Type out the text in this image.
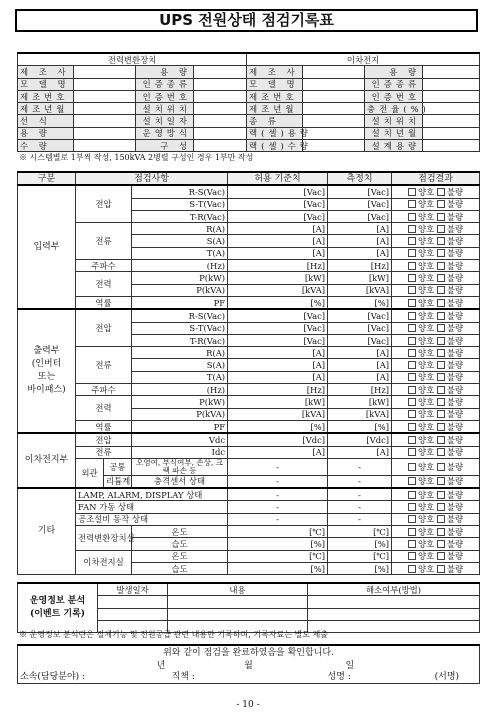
UPS 전원상태 점검기록표
전력변환장치				이차전지			
제 조 사		용 량		제 조 사		용 량	
모 델 명		인증종류		모 델 명		인증종류	
제조번호		인증번호		제조번호		인증번호	
제조년월		설치위치		제조년월		충전율(%)	
선 식		설치일자		종 류		설치위치	
용 량		운영방식		랙(셀)용량		설치년월	
수 량		구 성		랙(셀)수량		설계용량	
※ 시스템별로 1부씩 작성, 150kVA 2병렬 구성인 경우 1부만 작성
구분	점검사항			허용 기준치	측정치	점검결과
입력부	전압		R-S(Vac)	[Vac]	[Vac]	양호 불량
			S-T(Vac)	[Vac]	[Vac]	양호 불량
			T-R(Vac)	[Vac]	[Vac]	양호 불량
	전류		R(A)	[A]	[A]	양호 불량
			S(A)	[A]	[A]	양호 불량
			T(A)	[A]	[A]	양호 불량
	주파수		(Hz)	[Hz]	[Hz]	양호 불량
	전력		P(kW)	[kW]	[kW]	양호 불량
			P(kVA)	[kVA]	[kVA]	양호 불량
	역률		PF	[%]	[%]	양호 불량
출력부
(인버터
또는
바이패스)	전압		R-S(Vac)	[Vac]	[Vac]	양호 불량
			S-T(Vac)	[Vac]	[Vac]	양호 불량
			T-R(Vac)	[Vac]	[Vac]	양호 불량
	전류		R(A)	[A]	[A]	양호 불량
			S(A)	[A]	[A]	양호 불량
			T(A)	[A]	[A]	양호 불량
	주파수		(Hz)	[Hz]	[Hz]	양호 불량
	전력		P(kW)	[kW]	[kW]	양호 불량
			P(kVA)	[kVA]	[kVA]	양호 불량
	역률		PF	[%]	[%]	양호 불량
이차전지부	전압		Vdc	[Vdc]	[Vdc]	양호 불량
	전류		Idc	[A]	[A]	양호 불량
	외관	공통	오염여, 부식여부, 손상, 크랙 파손 등	-	-	양호 불량

		리튬계	충격센서 상태	-	-	양호 불량
기타	LAMP, ALARM, DISPLAY 상태			-	-	양호 불량
	FAN 가동 상태			-	-	양호 불량
	공조설비 동작 상태			-	-	양호 불량
	전력변환장치실		온도	[℃]	[℃]	양호 불량
			습도	[%]	[%]	양호 불량
	이차전지실		온도	[℃]	[℃]	양호 불량
			습도	[%]	[%]	양호 불량
운영정보 분석
(이벤트 기록)	발생일자	내용	해소여부(방법)

※ 운영정보 분석란은 절체기능 및 전원공급 관련 내용만 기록하며, 기록자료는 별도 제출
위와 같이 점검을 완료하였음을 확인합니다.		
년	월	일
소속(담당분야) :	직책 :	성명 : (서명)
- 10 -
